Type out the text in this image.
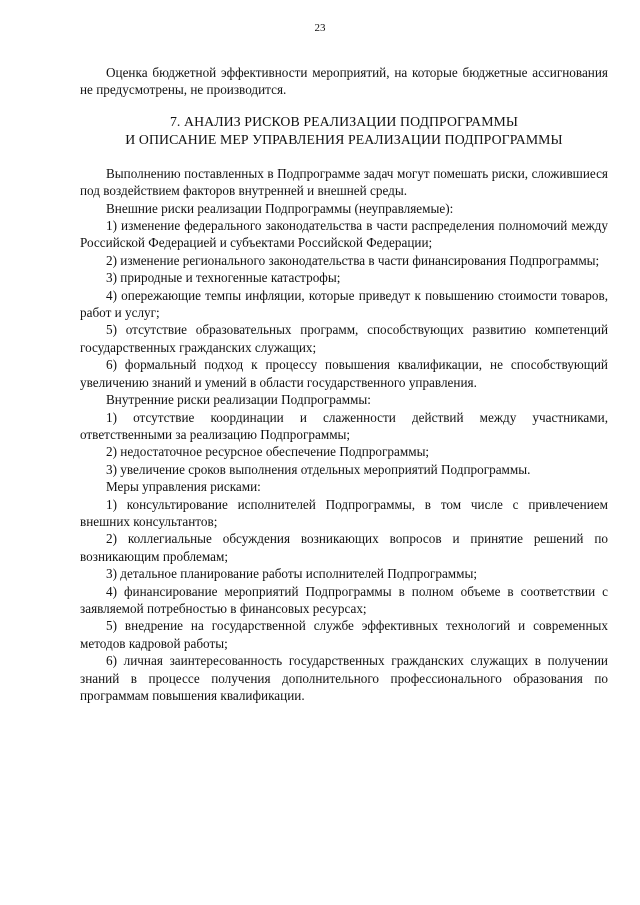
23

Оценка бюджетной эффективности мероприятий, на которые бюджетные ассигнования не предусмотрены, не производится.

7. АНАЛИЗ РИСКОВ РЕАЛИЗАЦИИ ПОДПРОГРАММЫ
И ОПИСАНИЕ МЕР УПРАВЛЕНИЯ РЕАЛИЗАЦИИ ПОДПРОГРАММЫ

Выполнению поставленных в Подпрограмме задач могут помешать риски, сложившиеся под воздействием факторов внутренней и внешней среды.

Внешние риски реализации Подпрограммы (неуправляемые):

1) изменение федерального законодательства в части распределения полномочий между Российской Федерацией и субъектами Российской Федерации;

2) изменение регионального законодательства в части финансирования Подпрограммы;

3) природные и техногенные катастрофы;

4) опережающие темпы инфляции, которые приведут к повышению стоимости товаров, работ и услуг;

5) отсутствие образовательных программ, способствующих развитию компетенций государственных гражданских служащих;

6) формальный подход к процессу повышения квалификации, не способствующий увеличению знаний и умений в области государственного управления.

Внутренние риски реализации Подпрограммы:

1) отсутствие координации и слаженности действий между участниками, ответственными за реализацию Подпрограммы;

2) недостаточное ресурсное обеспечение Подпрограммы;

3) увеличение сроков выполнения отдельных мероприятий Подпрограммы.

Меры управления рисками:

1) консультирование исполнителей Подпрограммы, в том числе с привлечением внешних консультантов;

2) коллегиальные обсуждения возникающих вопросов и принятие решений по возникающим проблемам;

3) детальное планирование работы исполнителей Подпрограммы;

4) финансирование мероприятий Подпрограммы в полном объеме в соответствии с заявляемой потребностью в финансовых ресурсах;

5) внедрение на государственной службе эффективных технологий и современных методов кадровой работы;

6) личная заинтересованность государственных гражданских служащих в получении знаний в процессе получения дополнительного профессионального образования по программам повышения квалификации.
